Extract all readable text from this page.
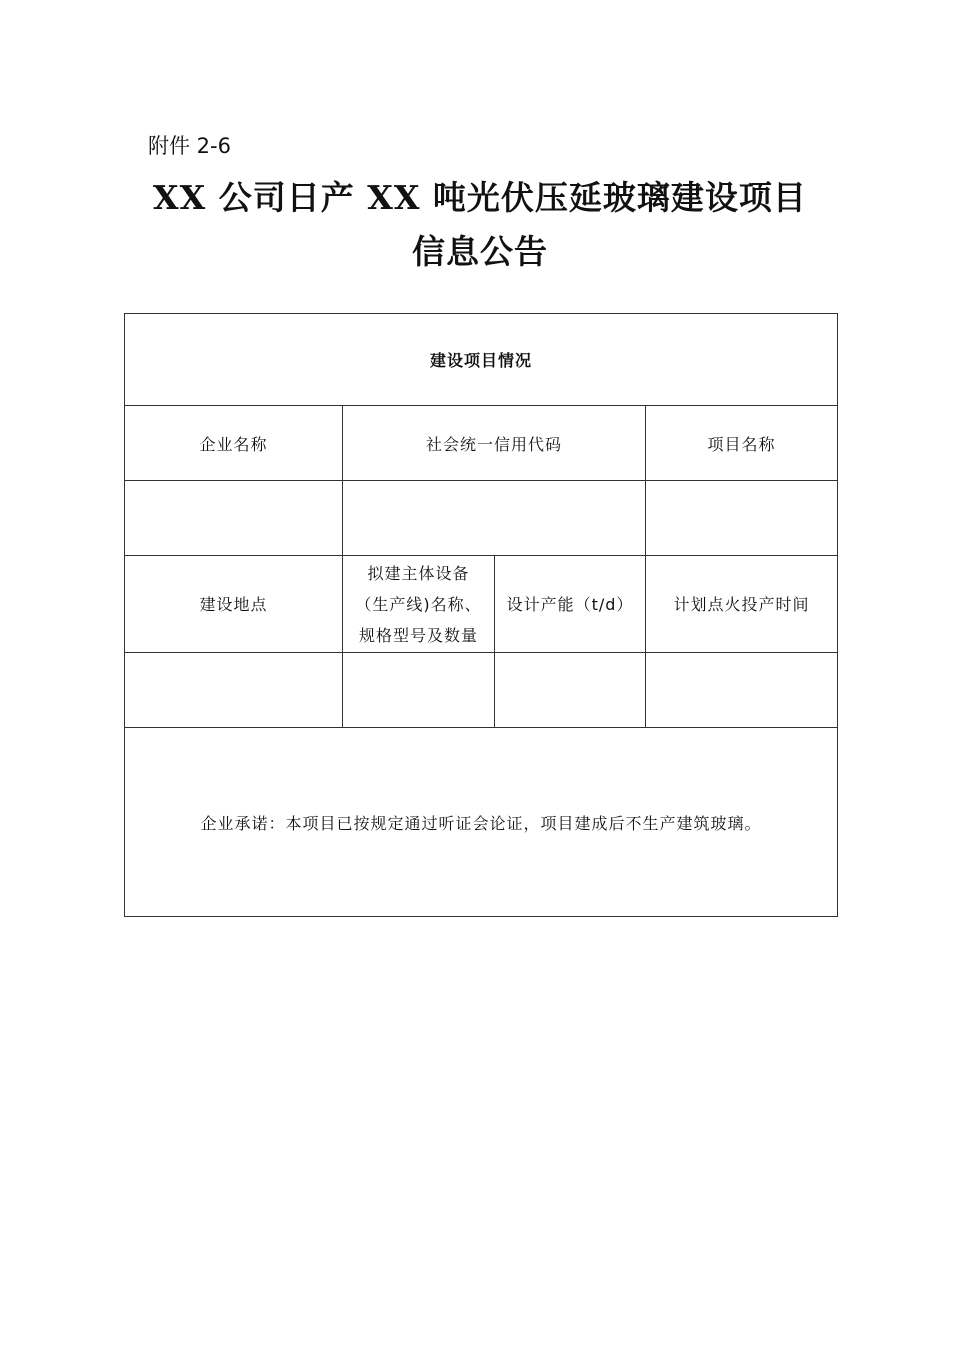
附件 2-6
XX 公司日产 XX 吨光伏压延玻璃建设项目
信息公告
建设项目情况			
企业名称	社会统一信用代码		项目名称

建设地点	拟建主体设备
（生产线)名称、
规格型号及数量	设计产能（t/d）	计划点火投产时间

企业承诺：本项目已按规定通过听证会论证，项目建成后不生产建筑玻璃。			
